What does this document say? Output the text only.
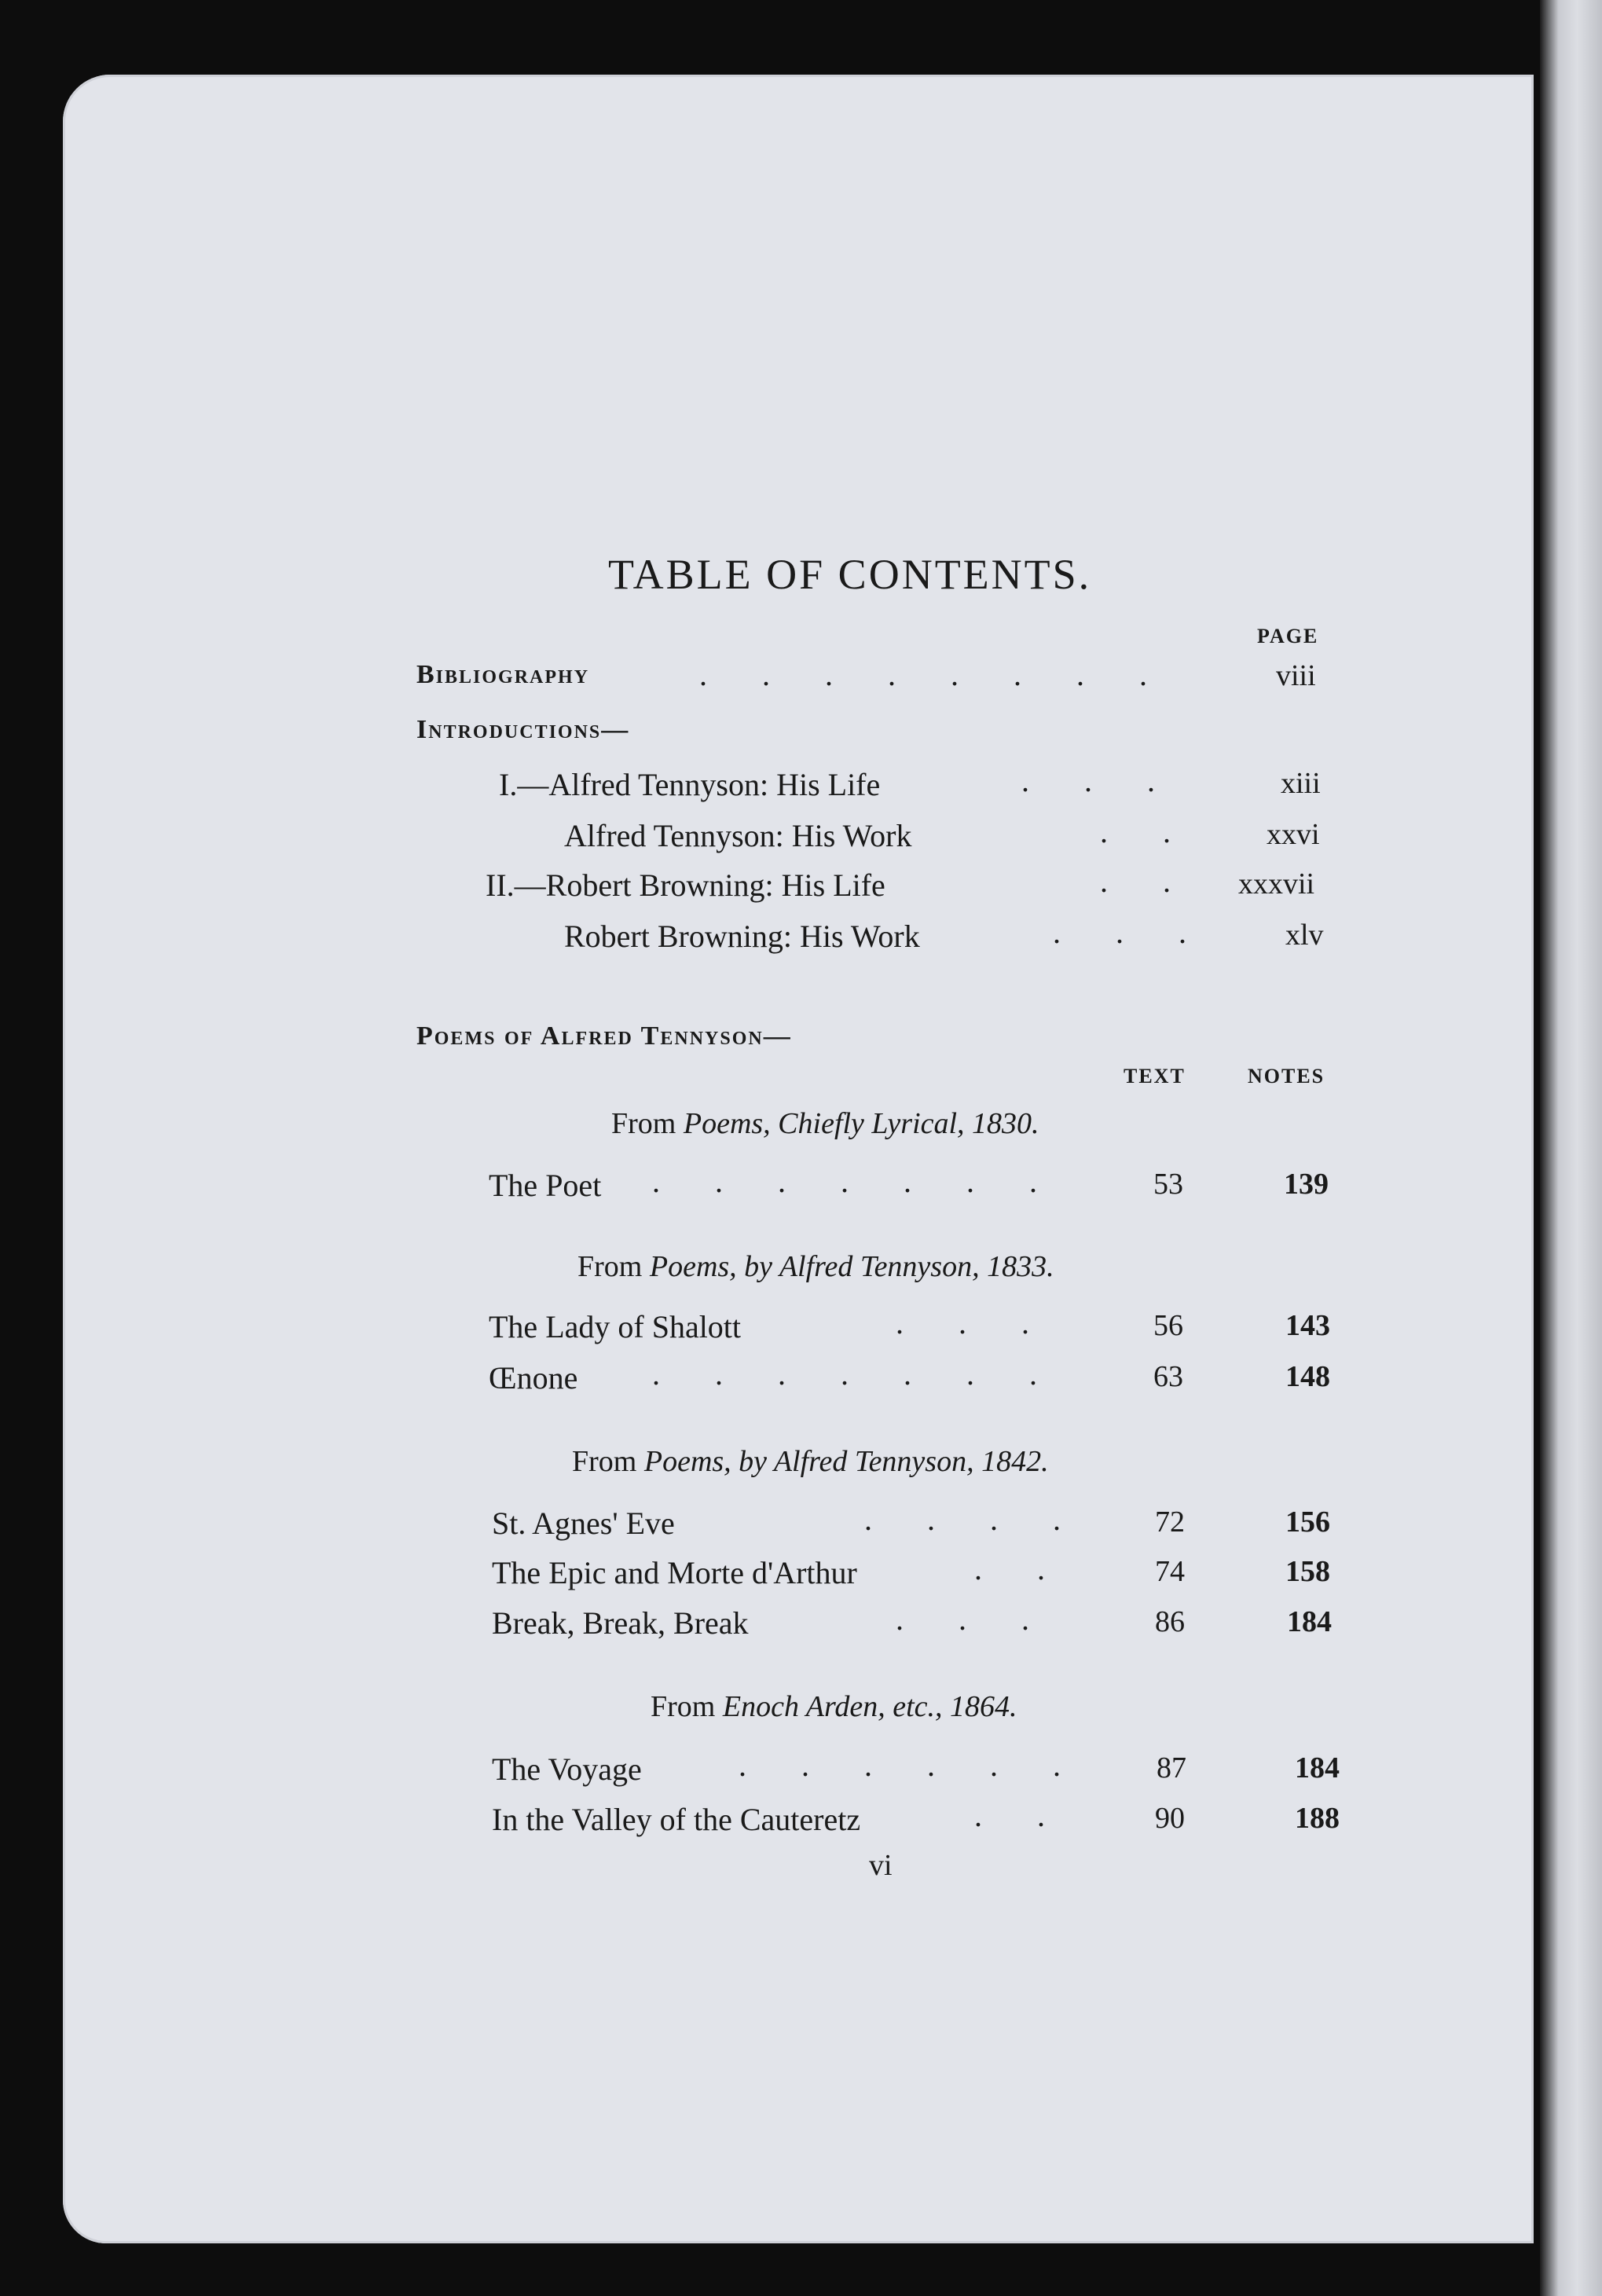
TABLE OF CONTENTS.
PAGE
Bibliography	. . . . . . . .	viii
Introductions—
I.—Alfred Tennyson: His Life	. . .	xiii
Alfred Tennyson: His Work	. . xxvi
II.—Robert Browning: His Life	. . xxxvii
Robert Browning: His Work	. . .	xlv
Poems of Alfred Tennyson—
TEXT	NOTES
From Poems, Chiefly Lyrical, 1830.
The Poet . . . . . . .	53	139
From Poems, by Alfred Tennyson, 1833.
The Lady of Shalott	. . .	56	143
Œnone . . . . . . .	63	148
From Poems, by Alfred Tennyson, 1842.
St. Agnes' Eve	. . . . 72	156
The Epic and Morte d'Arthur	. .	74	158
Break, Break, Break	. . .	86	184
From Enoch Arden, etc., 1864.
The Voyage	. . . . . . 87	184
In the Valley of the Cauteretz	. .	90	188
vi
